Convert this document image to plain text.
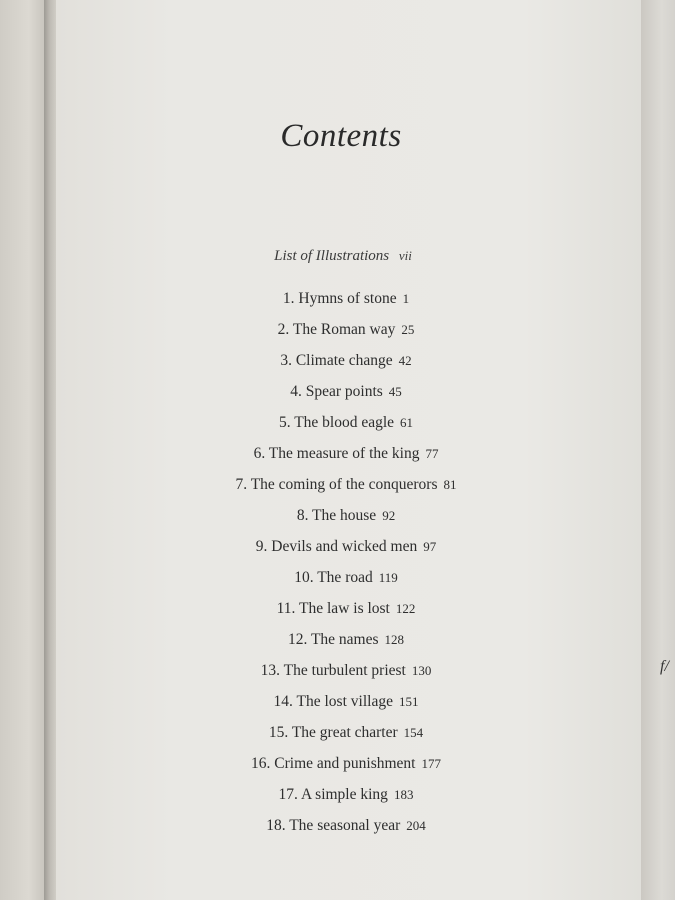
f/
Contents
List of Illustrations vii
1. Hymns of stone 1
2. The Roman way 25
3. Climate change 42
4. Spear points 45
5. The blood eagle 61
6. The measure of the king 77
7. The coming of the conquerors 81
8. The house 92
9. Devils and wicked men 97
10. The road 119
11. The law is lost 122
12. The names 128
13. The turbulent priest 130
14. The lost village 151
15. The great charter 154
16. Crime and punishment 177
17. A simple king 183
18. The seasonal year 204
